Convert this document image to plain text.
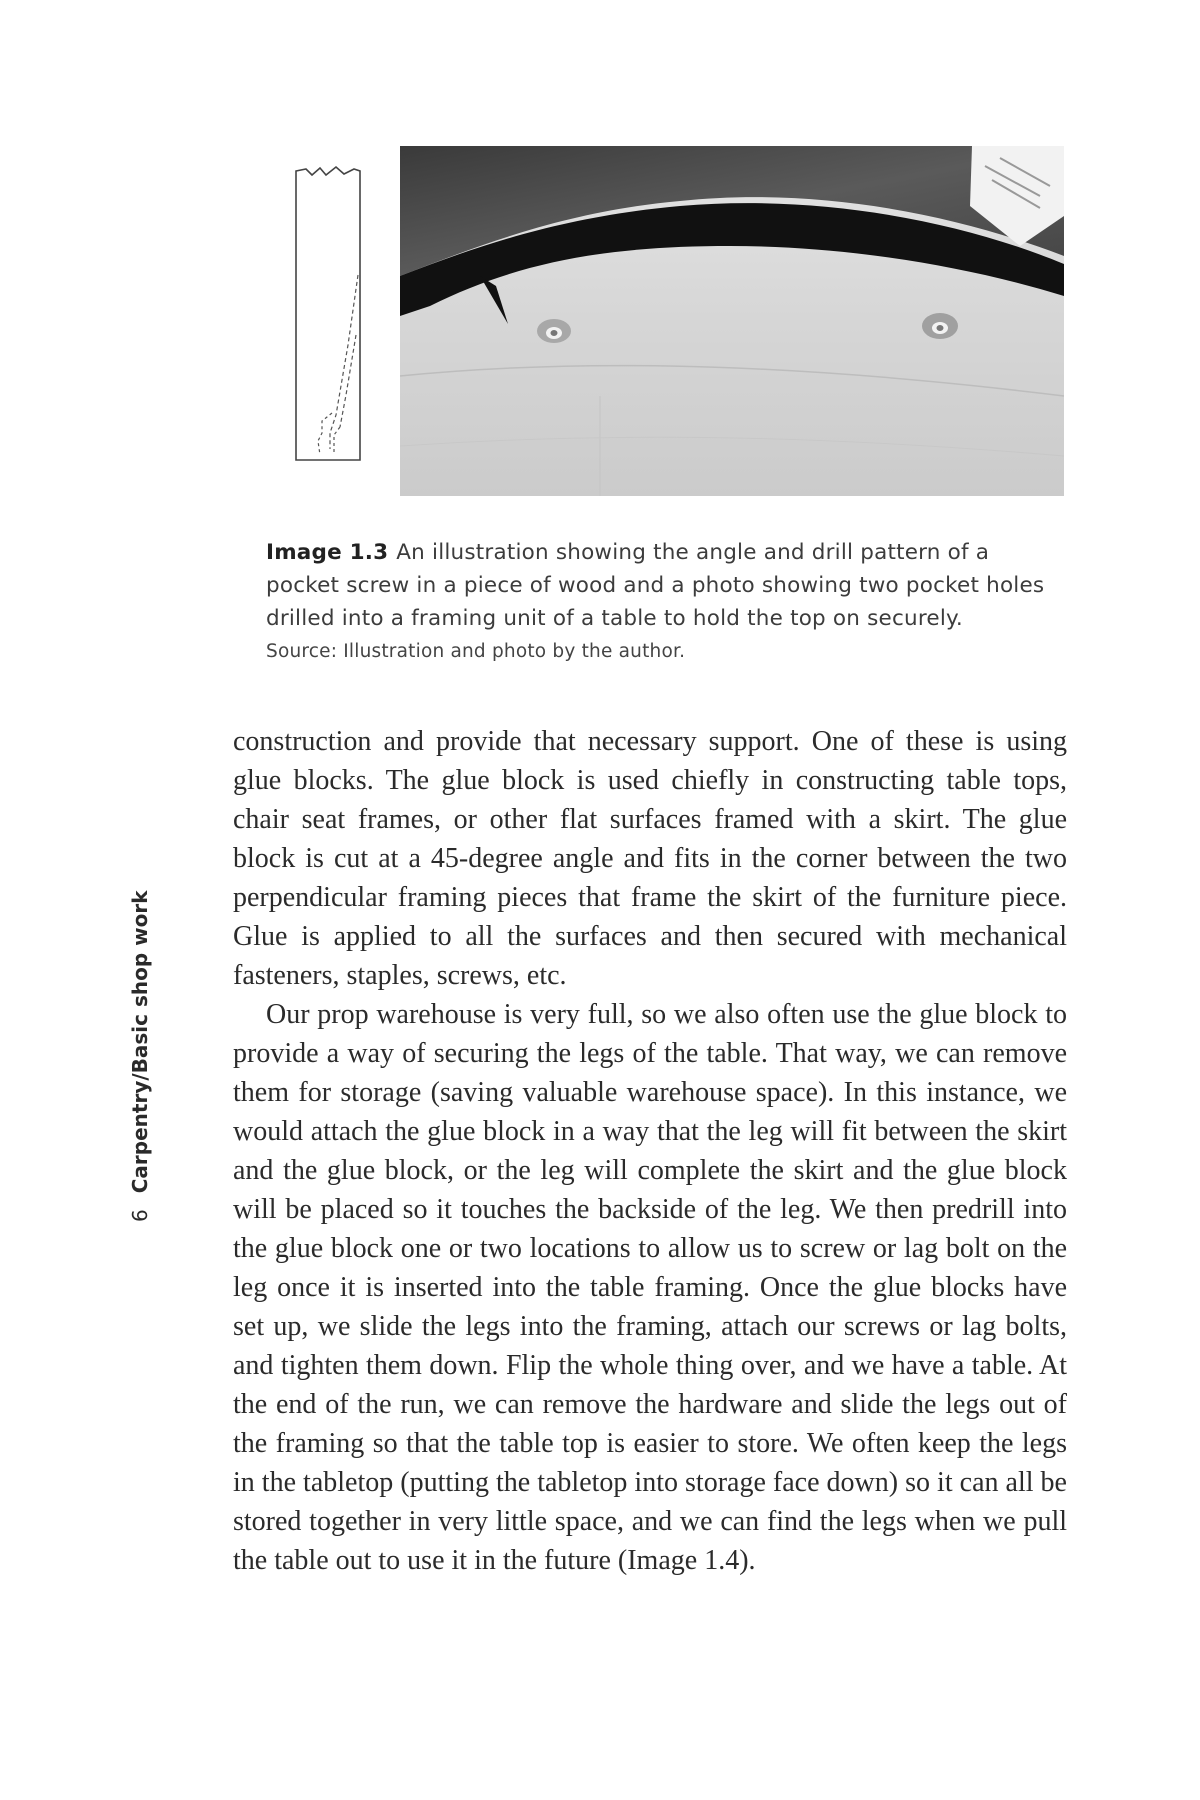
Image 1.3 An illustration showing the angle and drill pattern of a pocket screw in a piece of wood and a photo showing two pocket holes drilled into a framing unit of a table to hold the top on securely.
Source: Illustration and photo by the author.

construction and provide that necessary support. One of these is using glue blocks. The glue block is used chiefly in constructing table tops, chair seat frames, or other flat surfaces framed with a skirt. The glue block is cut at a 45-degree angle and fits in the corner between the two perpendicular framing pieces that frame the skirt of the furniture piece. Glue is applied to all the surfaces and then secured with mechanical fasteners, staples, screws, etc.

Our prop warehouse is very full, so we also often use the glue block to provide a way of securing the legs of the table. That way, we can remove them for storage (saving valuable warehouse space). In this instance, we would attach the glue block in a way that the leg will fit between the skirt and the glue block, or the leg will complete the skirt and the glue block will be placed so it touches the backside of the leg. We then predrill into the glue block one or two locations to allow us to screw or lag bolt on the leg once it is inserted into the table framing. Once the glue blocks have set up, we slide the legs into the framing, attach our screws or lag bolts, and tighten them down. Flip the whole thing over, and we have a table. At the end of the run, we can remove the hardware and slide the legs out of the framing so that the table top is easier to store. We often keep the legs in the tabletop (putting the tabletop into storage face down) so it can all be stored together in very little space, and we can find the legs when we pull the table out to use it in the future (Image 1.4).

6Carpentry/Basic shop work
